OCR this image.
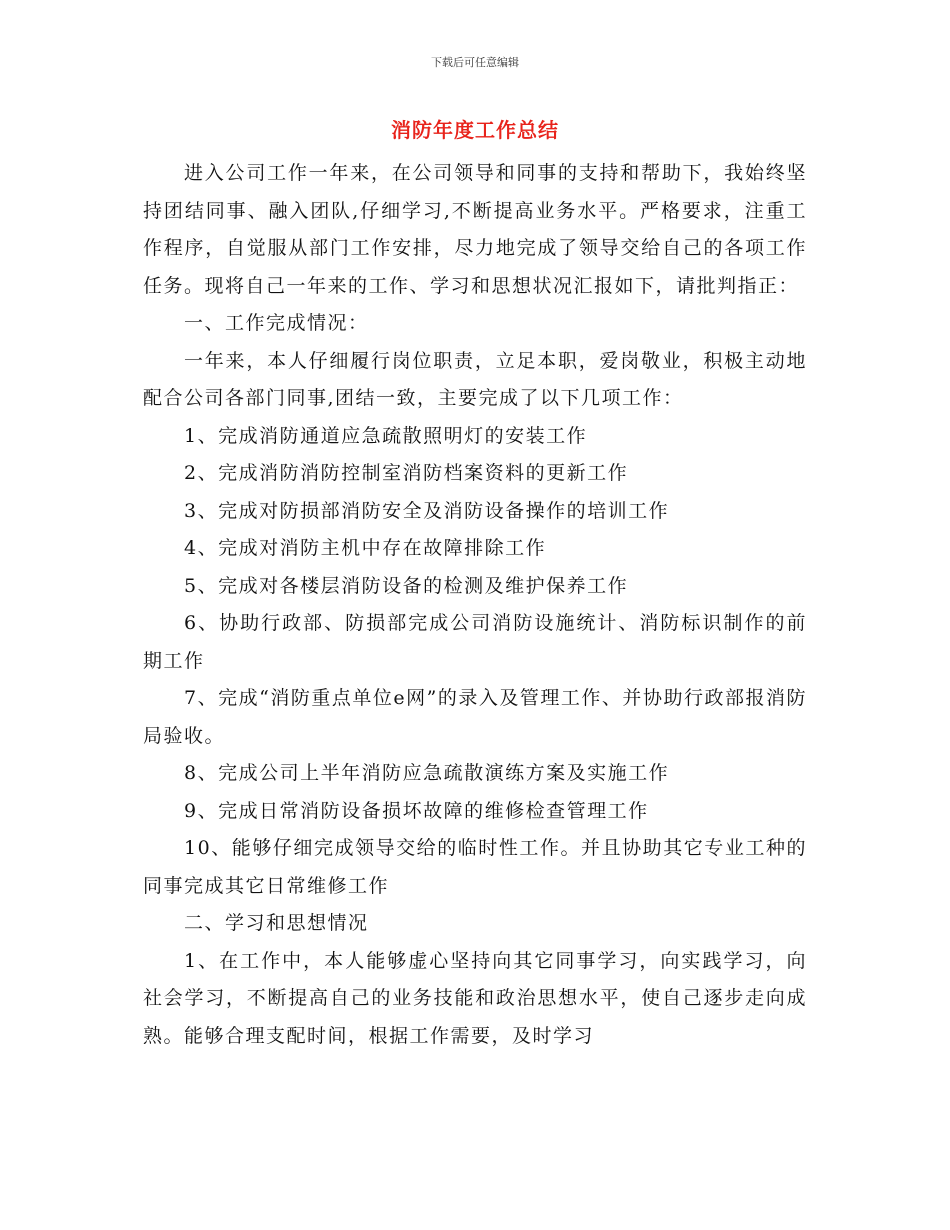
下载后可任意编辑
消防年度工作总结

进入公司工作一年来，在公司领导和同事的支持和帮助下，我始终坚持团结同事、融入团队,仔细学习,不断提高业务水平。严格要求，注重工作程序，自觉服从部门工作安排，尽力地完成了领导交给自己的各项工作任务。现将自己一年来的工作、学习和思想状况汇报如下，请批判指正：

一、工作完成情况：

一年来，本人仔细履行岗位职责，立足本职，爱岗敬业，积极主动地配合公司各部门同事,团结一致，主要完成了以下几项工作：

1、完成消防通道应急疏散照明灯的安装工作

2、完成消防消防控制室消防档案资料的更新工作

3、完成对防损部消防安全及消防设备操作的培训工作

4、完成对消防主机中存在故障排除工作

5、完成对各楼层消防设备的检测及维护保养工作

6、协助行政部、防损部完成公司消防设施统计、消防标识制作的前期工作

7、完成“消防重点单位e网”的录入及管理工作、并协助行政部报消防局验收。

8、完成公司上半年消防应急疏散演练方案及实施工作

9、完成日常消防设备损坏故障的维修检查管理工作

10、能够仔细完成领导交给的临时性工作。并且协助其它专业工种的同事完成其它日常维修工作

二、学习和思想情况

1、在工作中，本人能够虚心坚持向其它同事学习，向实践学习，向社会学习，不断提高自己的业务技能和政治思想水平，使自己逐步走向成熟。能够合理支配时间，根据工作需要，及时学习
